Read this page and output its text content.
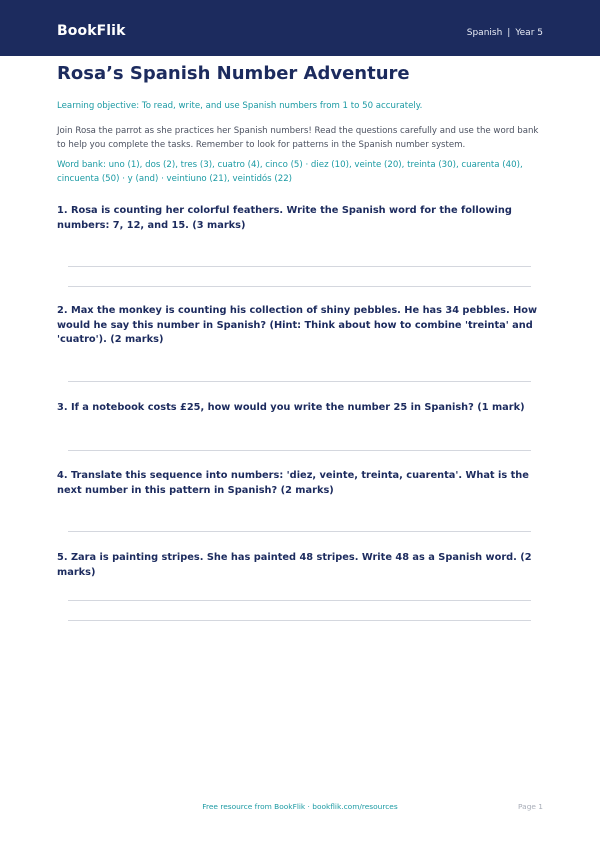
BookFlik	Spanish | Year 5
Rosa’s Spanish Number Adventure
Learning objective: To read, write, and use Spanish numbers from 1 to 50 accurately.
Join Rosa the parrot as she practices her Spanish numbers! Read the questions carefully and use the word bank to help you complete the tasks. Remember to look for patterns in the Spanish number system.
Word bank: uno (1), dos (2), tres (3), cuatro (4), cinco (5) · diez (10), veinte (20), treinta (30), cuarenta (40), cincuenta (50) · y (and) · veintiuno (21), veintidós (22)
1. Rosa is counting her colorful feathers. Write the Spanish word for the following numbers: 7, 12, and 15. (3 marks)
2. Max the monkey is counting his collection of shiny pebbles. He has 34 pebbles. How would he say this number in Spanish? (Hint: Think about how to combine 'treinta' and 'cuatro'). (2 marks)
3. If a notebook costs £25, how would you write the number 25 in Spanish? (1 mark)
4. Translate this sequence into numbers: 'diez, veinte, treinta, cuarenta'. What is the next number in this pattern in Spanish? (2 marks)
5. Zara is painting stripes. She has painted 48 stripes. Write 48 as a Spanish word. (2 marks)
Free resource from BookFlik · bookflik.com/resources	Page 1
